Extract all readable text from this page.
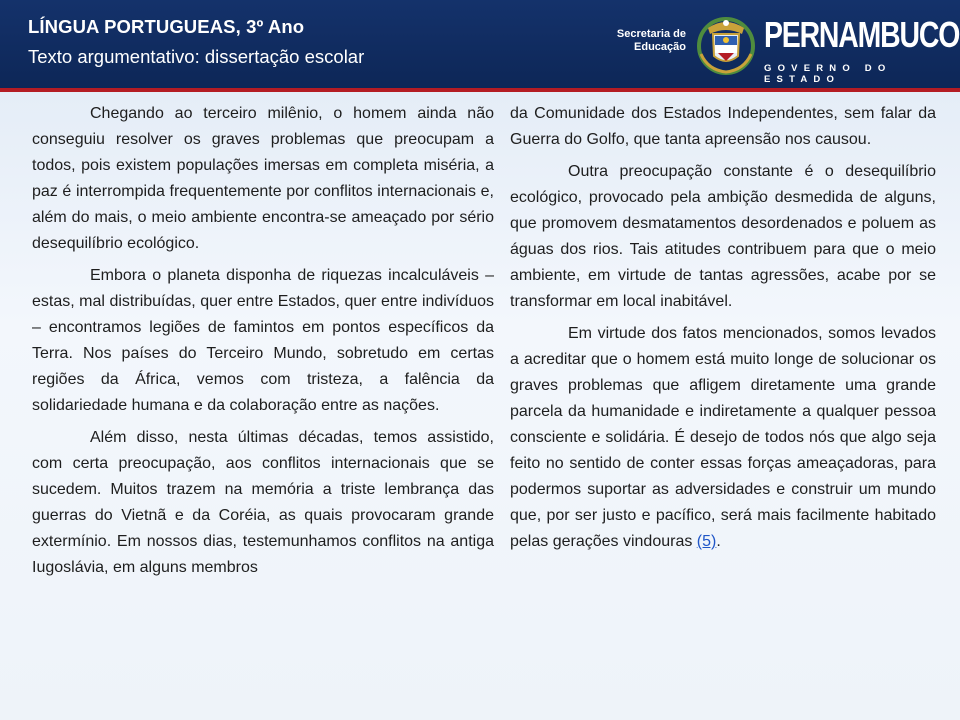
LÍNGUA PORTUGUEAS, 3º Ano
Texto argumentativo: dissertação escolar
Secretaria de
Educação PERNAMBUCO
GOVERNO DO ESTADO

Chegando ao terceiro milênio, o homem ainda não conseguiu resolver os graves problemas que preocupam a todos, pois existem populações imersas em completa miséria, a paz é interrompida frequentemente por conflitos internacionais e, além do mais, o meio ambiente encontra-se ameaçado por sério desequilíbrio ecológico.

Embora o planeta disponha de riquezas incalculáveis – estas, mal distribuídas, quer entre Estados, quer entre indivíduos – encontramos legiões de famintos em pontos específicos da Terra. Nos países do Terceiro Mundo, sobretudo em certas regiões da África, vemos com tristeza, a falência da solidariedade humana e da colaboração entre as nações.

Além disso, nesta últimas décadas, temos assistido, com certa preocupação, aos conflitos internacionais que se sucedem. Muitos trazem na memória a triste lembrança das guerras do Vietnã e da Coréia, as quais provocaram grande extermínio. Em nossos dias, testemunhamos conflitos na antiga Iugoslávia, em alguns membros

da Comunidade dos Estados Independentes, sem falar da Guerra do Golfo, que tanta apreensão nos causou.

Outra preocupação constante é o desequilíbrio ecológico, provocado pela ambição desmedida de alguns, que promovem desmatamentos desordenados e poluem as águas dos rios. Tais atitudes contribuem para que o meio ambiente, em virtude de tantas agressões, acabe por se transformar em local inabitável.

Em virtude dos fatos mencionados, somos levados a acreditar que o homem está muito longe de solucionar os graves problemas que afligem diretamente uma grande parcela da humanidade e indiretamente a qualquer pessoa consciente e solidária. É desejo de todos nós que algo seja feito no sentido de conter essas forças ameaçadoras, para podermos suportar as adversidades e construir um mundo que, por ser justo e pacífico, será mais facilmente habitado pelas gerações vindouras (5).
